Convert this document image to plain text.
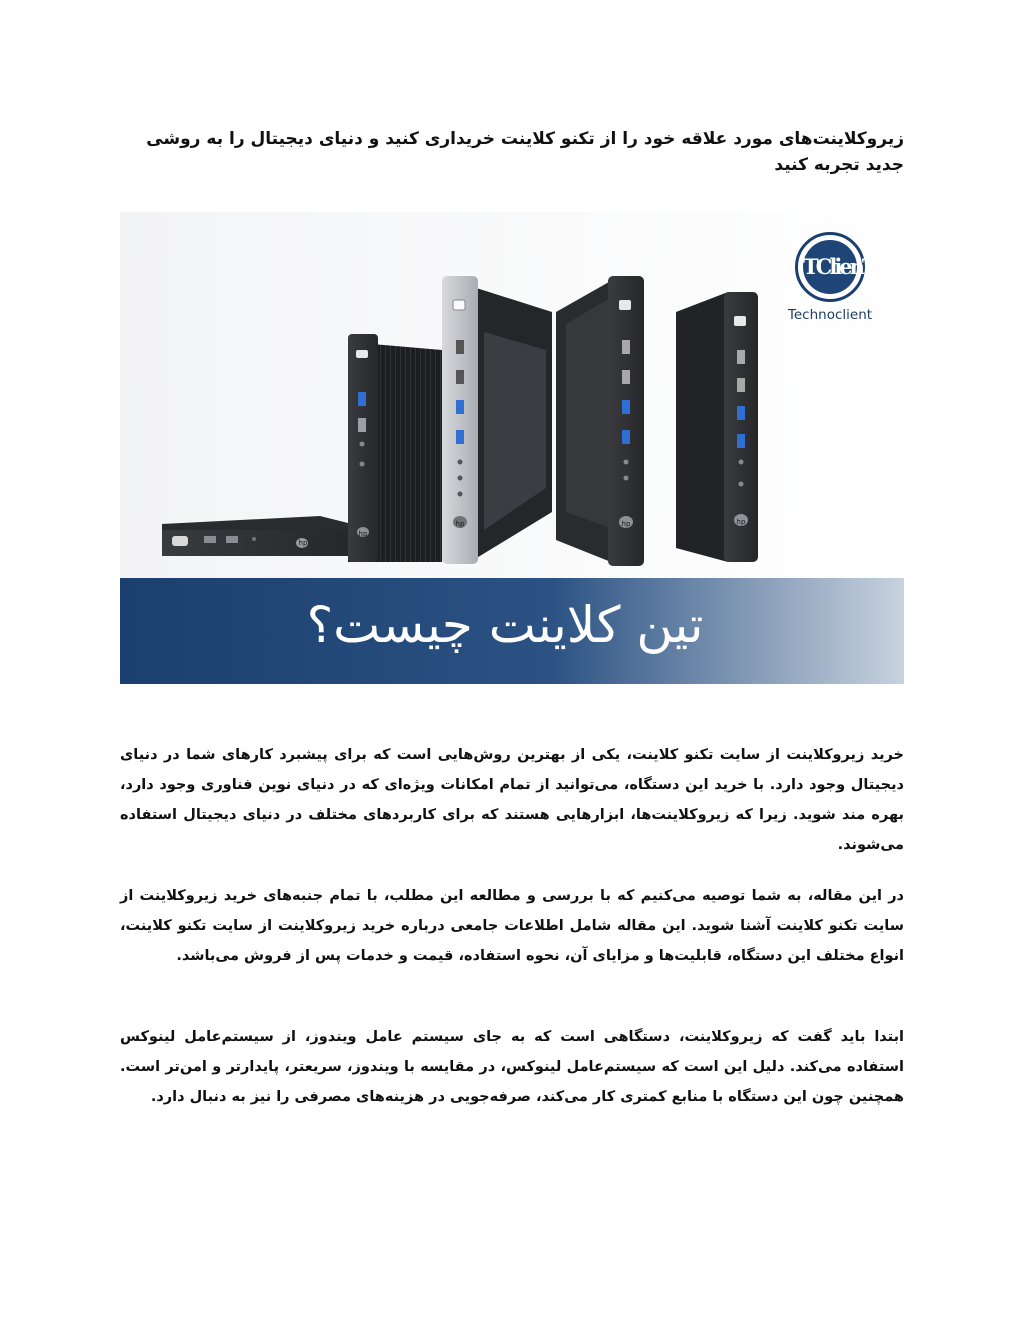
زیروکلاینت‌های مورد علاقه خود را از تکنو کلاینت خریداری کنید و دنیای دیجیتال را به روشی جدید تجربه کنید
hp
hp
hp	hp	hp
TClienT
Technoclient
تین کلاینت چیست؟

خرید زیروکلاینت از سایت تکنو کلاینت، یکی از بهترین روش‌هایی است که برای پیشبرد کارهای شما در دنیای دیجیتال وجود دارد. با خرید این دستگاه، می‌توانید از تمام امکانات ویژه‌ای که در دنیای نوین فناوری وجود دارد، بهره مند شوید. زیرا که زیروکلاینت‌ها، ابزارهایی هستند که برای کاربردهای مختلف در دنیای دیجیتال استفاده می‌شوند.

در این مقاله، به شما توصیه می‌کنیم که با بررسی و مطالعه این مطلب، با تمام جنبه‌های خرید زیروکلاینت از سایت تکنو کلاینت آشنا شوید. این مقاله شامل اطلاعات جامعی درباره خرید زیروکلاینت از سایت تکنو کلاینت، انواع مختلف این دستگاه، قابلیت‌ها و مزایای آن، نحوه استفاده، قیمت و خدمات پس از فروش می‌باشد.

ابتدا باید گفت که زیروکلاینت، دستگاهی است که به جای سیستم عامل ویندوز، از سیستم‌عامل لینوکس استفاده می‌کند. دلیل این است که سیستم‌عامل لینوکس، در مقایسه با ویندوز، سریعتر، پایدارتر و امن‌تر است. همچنین چون این دستگاه با منابع کمتری کار می‌کند، صرفه‌جویی در هزینه‌های مصرفی را نیز به دنبال دارد.
